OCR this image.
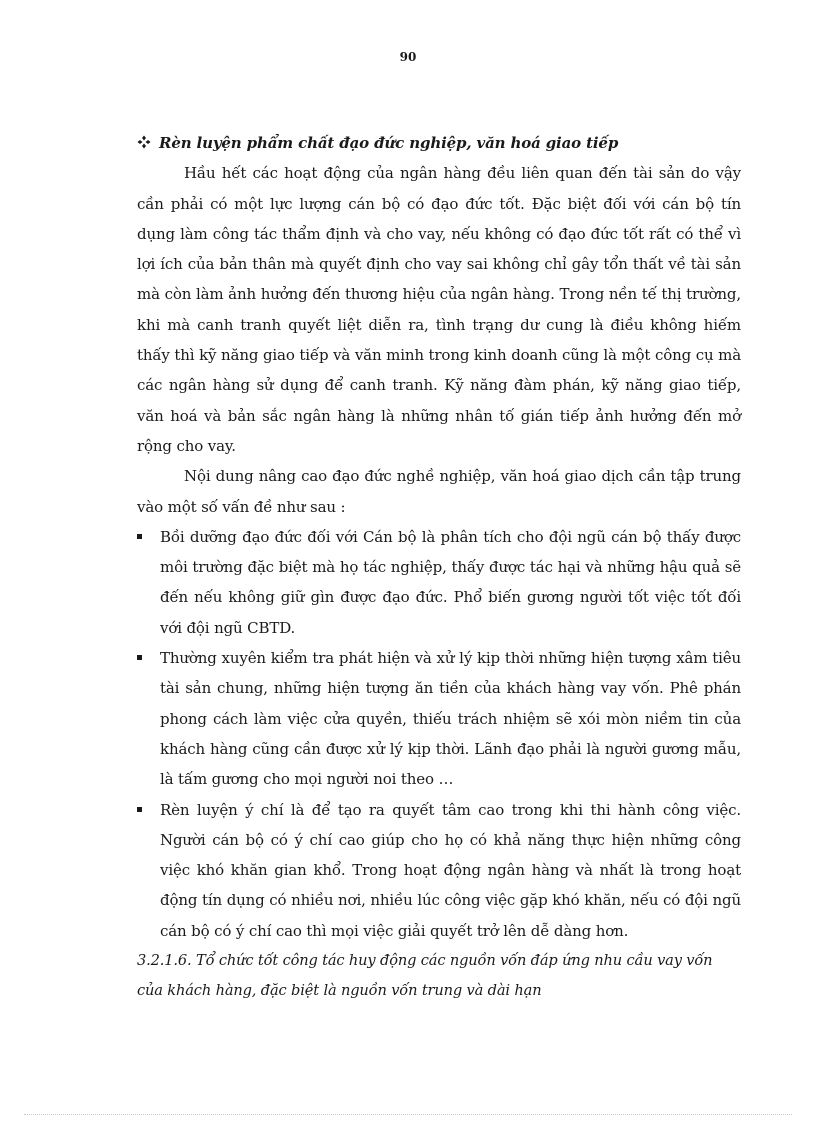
90

Rèn luyện phẩm chất đạo đức nghiệp, văn hoá giao tiếp

Hầu hết các hoạt động của ngân hàng đều liên quan đến tài sản do vậy cần phải có một lực lượng cán bộ có đạo đức tốt. Đặc biệt đối với cán bộ tín dụng làm công tác thẩm định và cho vay, nếu không có đạo đức tốt rất có thể vì lợi ích của bản thân mà quyết định cho vay sai không chỉ gây tổn thất về tài sản mà còn làm ảnh hưởng đến thương hiệu của ngân hàng. Trong nền tế thị trường, khi mà canh tranh quyết liệt diễn ra, tình trạng dư cung là điều không hiếm thấy thì kỹ năng giao tiếp và văn minh trong kinh doanh cũng là một công cụ mà các ngân hàng sử dụng để canh tranh. Kỹ năng đàm phán, kỹ năng giao tiếp, văn hoá và bản sắc ngân hàng là những nhân tố gián tiếp ảnh hưởng đến mở rộng cho vay.

Nội dung nâng cao đạo đức nghề nghiệp, văn hoá giao dịch cần tập trung vào một số vấn đề như sau :

Bồi dưỡng đạo đức đối với Cán bộ là phân tích cho đội ngũ cán bộ thấy được môi trường đặc biệt mà họ tác nghiệp, thấy được tác hại và những hậu quả sẽ đến nếu không giữ gìn được đạo đức. Phổ biến gương người tốt việc tốt đối với đội ngũ CBTD.
Thường xuyên kiểm tra phát hiện và xử lý kịp thời những hiện tượng xâm tiêu tài sản chung, những hiện tượng ăn tiền của khách hàng vay vốn. Phê phán phong cách làm việc cửa quyền, thiếu trách nhiệm sẽ xói mòn niềm tin của khách hàng cũng cần được xử lý kịp thời. Lãnh đạo phải là người gương mẫu, là tấm gương cho mọi người noi theo …
Rèn luyện ý chí là để tạo ra quyết tâm cao trong khi thi hành công việc. Người cán bộ có ý chí cao giúp cho họ có khả năng thực hiện những công việc khó khăn gian khổ. Trong hoạt động ngân hàng và nhất là trong hoạt động tín dụng có nhiều nơi, nhiều lúc công việc gặp khó khăn, nếu có đội ngũ cán bộ có ý chí cao thì mọi việc giải quyết trở lên dễ dàng hơn.

3.2.1.6. Tổ chức tốt công tác huy động các nguồn vốn đáp ứng nhu cầu vay vốn của khách hàng, đặc biệt là nguồn vốn trung và dài hạn
